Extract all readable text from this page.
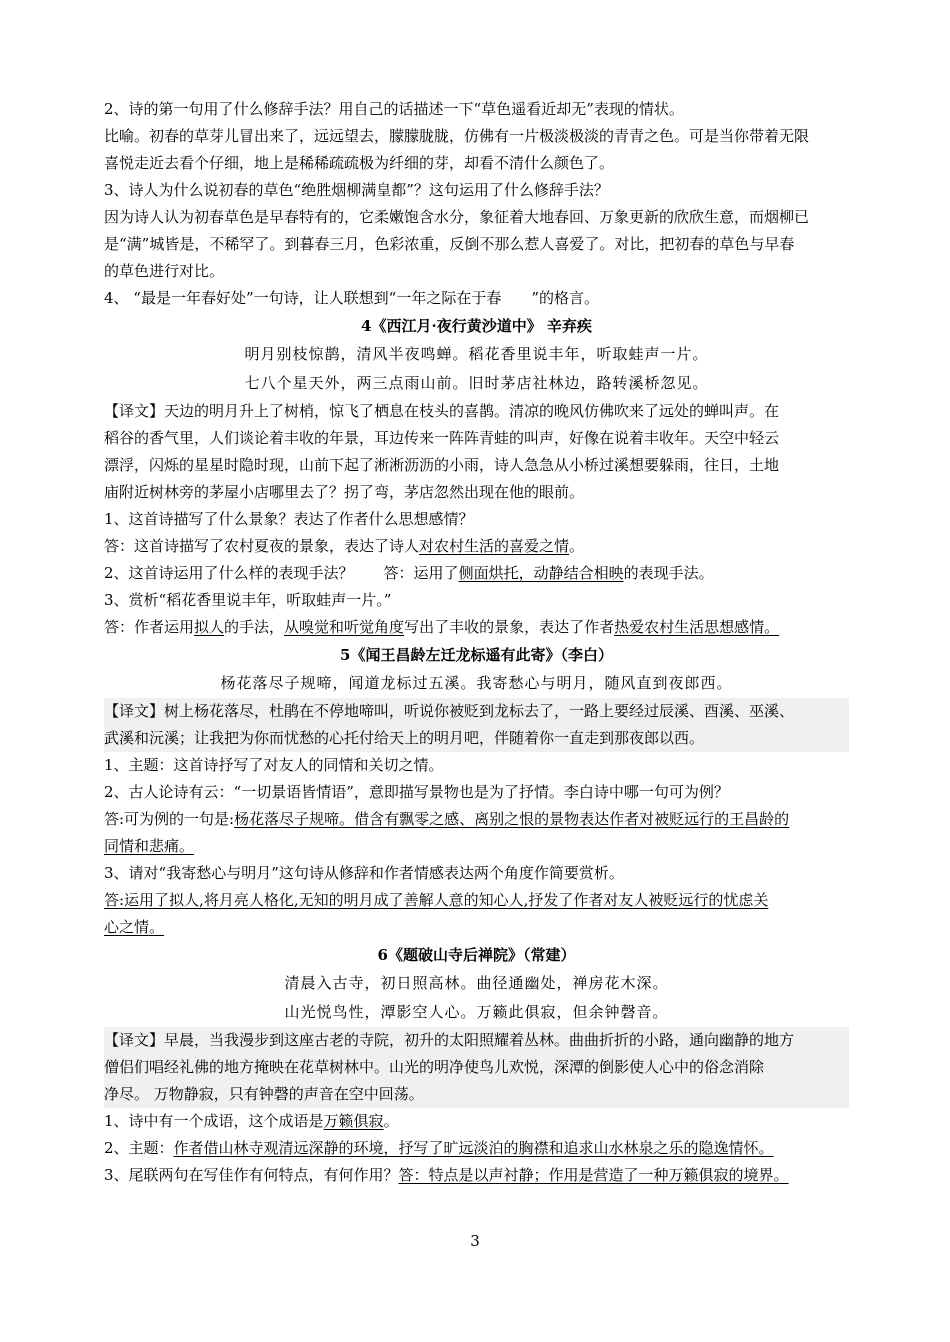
2、诗的第一句用了什么修辞手法？用自己的话描述一下“草色遥看近却无”表现的情状。
比喻。初春的草芽儿冒出来了，远远望去，朦朦胧胧，仿佛有一片极淡极淡的青青之色。可是当你带着无限
喜悦走近去看个仔细，地上是稀稀疏疏极为纤细的芽，却看不清什么颜色了。
3、诗人为什么说初春的草色“绝胜烟柳满皇都”？这句运用了什么修辞手法？
因为诗人认为初春草色是早春特有的，它柔嫩饱含水分，象征着大地春回、万象更新的欣欣生意，而烟柳已
是“满”城皆是，不稀罕了。到暮春三月，色彩浓重，反倒不那么惹人喜爱了。对比，把初春的草色与早春
的草色进行对比。
4、 “最是一年春好处”一句诗，让人联想到“一年之际在于春 ”的格言。
4《西江月·夜行黄沙道中》 辛弃疾
明月别枝惊鹊，清风半夜鸣蝉。稻花香里说丰年，听取蛙声一片。
七八个星天外，两三点雨山前。旧时茅店社林边，路转溪桥忽见。
【译文】天边的明月升上了树梢，惊飞了栖息在枝头的喜鹊。清凉的晚风仿佛吹来了远处的蝉叫声。在
稻谷的香气里，人们谈论着丰收的年景，耳边传来一阵阵青蛙的叫声，好像在说着丰收年。天空中轻云
漂浮，闪烁的星星时隐时现，山前下起了淅淅沥沥的小雨，诗人急急从小桥过溪想要躲雨，往日，土地
庙附近树林旁的茅屋小店哪里去了？拐了弯，茅店忽然出现在他的眼前。
1、这首诗描写了什么景象？表达了作者什么思想感情？
答：这首诗描写了农村夏夜的景象，表达了诗人对农村生活的喜爱之情。
2、这首诗运用了什么样的表现手法？ 答：运用了侧面烘托，动静结合相映的表现手法。
3、赏析“稻花香里说丰年，听取蛙声一片。”
答：作者运用拟人的手法，从嗅觉和听觉角度写出了丰收的景象，表达了作者热爱农村生活思想感情。
5《闻王昌龄左迁龙标遥有此寄》（李白）
杨花落尽子规啼，闻道龙标过五溪。我寄愁心与明月，随风直到夜郎西。
【译文】树上杨花落尽，杜鹃在不停地啼叫，听说你被贬到龙标去了，一路上要经过辰溪、酉溪、巫溪、
武溪和沅溪；让我把为你而忧愁的心托付给天上的明月吧，伴随着你一直走到那夜郎以西。
1、主题：这首诗抒写了对友人的同情和关切之情。
2、古人论诗有云：“一切景语皆情语”，意即描写景物也是为了抒情。李白诗中哪一句可为例？
答:可为例的一句是:杨花落尽子规啼。借含有飘零之感、离别之恨的景物表达作者对被贬远行的王昌龄的
同情和悲痛。
3、请对“我寄愁心与明月”这句诗从修辞和作者情感表达两个角度作简要赏析。
答:运用了拟人,将月亮人格化,无知的明月成了善解人意的知心人,抒发了作者对友人被贬远行的忧虑关
心之情。
6《题破山寺后禅院》（常建）
清晨入古寺，初日照高林。曲径通幽处，禅房花木深。
山光悦鸟性，潭影空人心。万籁此俱寂，但余钟磬音。
【译文】早晨，当我漫步到这座古老的寺院，初升的太阳照耀着丛林。曲曲折折的小路，通向幽静的地方
僧侣们唱经礼佛的地方掩映在花草树林中。山光的明净使鸟儿欢悦，深潭的倒影使人心中的俗念消除
净尽。 万物静寂，只有钟磬的声音在空中回荡。
1、诗中有一个成语，这个成语是万籁俱寂。
2、主题：作者借山林寺观清远深静的环境，抒写了旷远淡泊的胸襟和追求山水林泉之乐的隐逸情怀。
3、尾联两句在写佳作有何特点，有何作用？答：特点是以声衬静；作用是营造了一种万籁俱寂的境界。
3
